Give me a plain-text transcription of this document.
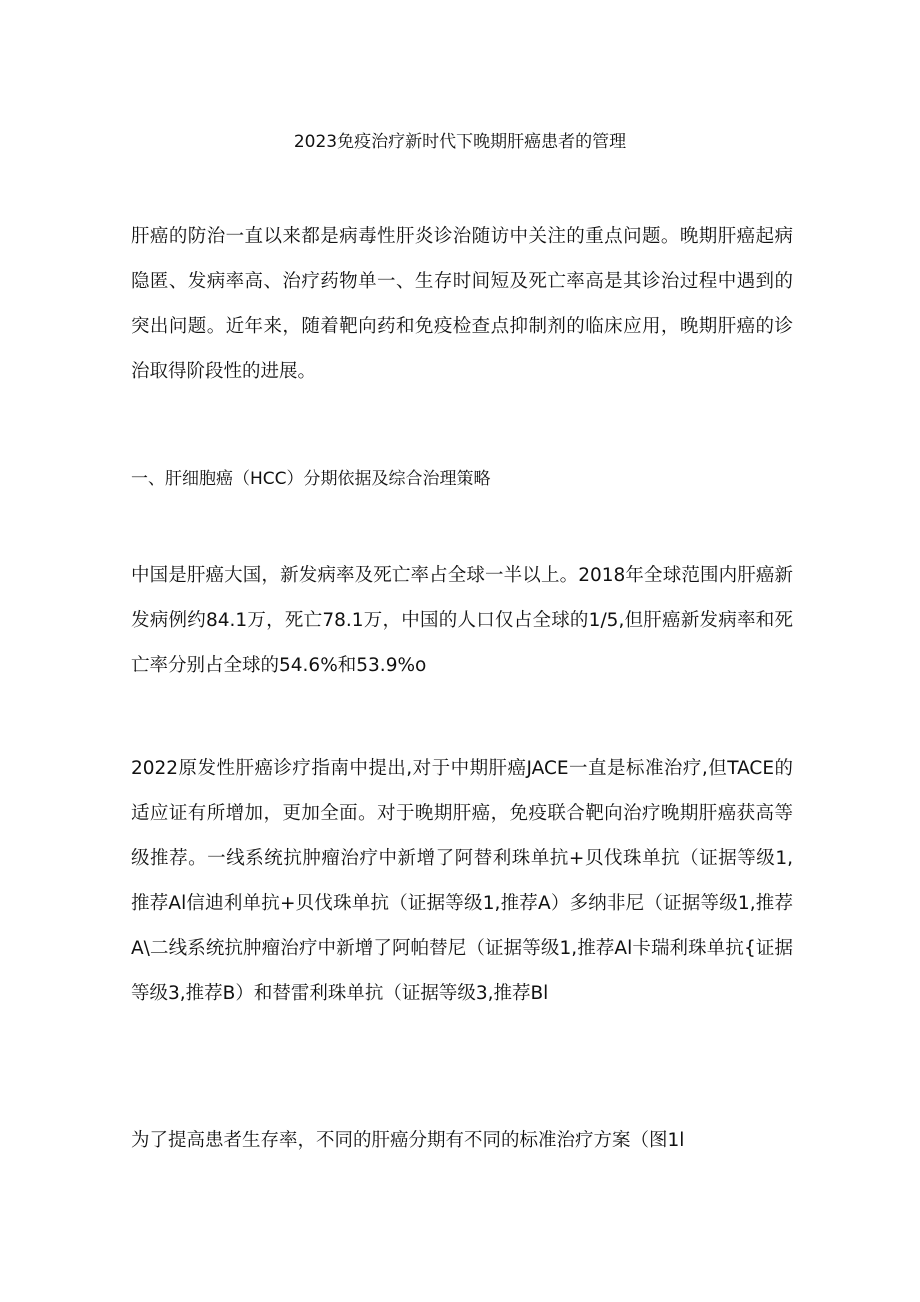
2023免疫治疗新时代下晚期肝癌患者的管理

肝癌的防治一直以来都是病毒性肝炎诊治随访中关注的重点问题。晚期肝癌起病隐匿、发病率高、治疗药物单一、生存时间短及死亡率高是其诊治过程中遇到的突出问题。近年来，随着靶向药和免疫检查点抑制剂的临床应用，晚期肝癌的诊治取得阶段性的进展。

一、肝细胞癌（HCC）分期依据及综合治理策略

中国是肝癌大国，新发病率及死亡率占全球一半以上。2018年全球范围内肝癌新发病例约84.1万，死亡78.1万，中国的人口仅占全球的1/5,但肝癌新发病率和死亡率分别占全球的54.6%和53.9%o

2022原发性肝癌诊疗指南中提出,对于中期肝癌JACE一直是标准治疗,但TACE的适应证有所增加，更加全面。对于晚期肝癌，免疫联合靶向治疗晚期肝癌获高等级推荐。一线系统抗肿瘤治疗中新增了阿替利珠单抗+贝伐珠单抗（证据等级1,推荐Al信迪利单抗+贝伐珠单抗（证据等级1,推荐A）多纳非尼（证据等级1,推荐A\二线系统抗肿瘤治疗中新增了阿帕替尼（证据等级1,推荐Al卡瑞利珠单抗{证据等级3,推荐B）和替雷利珠单抗（证据等级3,推荐Bl

为了提高患者生存率，不同的肝癌分期有不同的标准治疗方案（图1l
